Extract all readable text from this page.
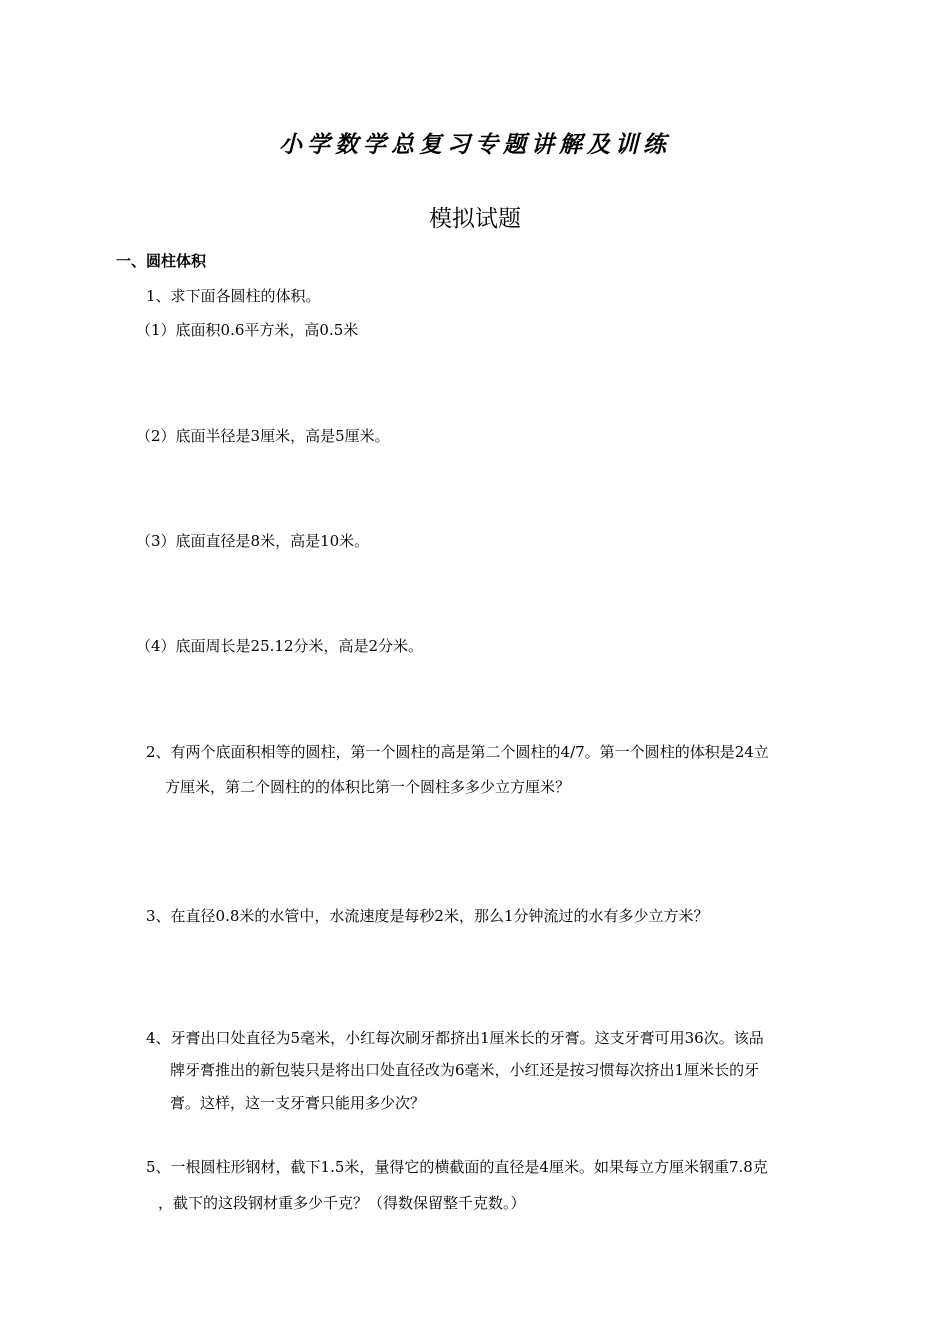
小学数学总复习专题讲解及训练
模拟试题
一、圆柱体积
1、求下面各圆柱的体积。
（1）底面积0.6平方米，高0.5米
（2）底面半径是3厘米，高是5厘米。
（3）底面直径是8米，高是10米。
（4）底面周长是25.12分米，高是2分米。
2、有两个底面积相等的圆柱，第一个圆柱的高是第二个圆柱的4/7。第一个圆柱的体积是24立
方厘米，第二个圆柱的的体积比第一个圆柱多多少立方厘米？
3、在直径0.8米的水管中，水流速度是每秒2米，那么1分钟流过的水有多少立方米？
4、牙膏出口处直径为5毫米，小红每次刷牙都挤出1厘米长的牙膏。这支牙膏可用36次。该品
牌牙膏推出的新包装只是将出口处直径改为6毫米，小红还是按习惯每次挤出1厘米长的牙
膏。这样，这一支牙膏只能用多少次？
5、一根圆柱形钢材，截下1.5米，量得它的横截面的直径是4厘米。如果每立方厘米钢重7.8克
，截下的这段钢材重多少千克？（得数保留整千克数。）
